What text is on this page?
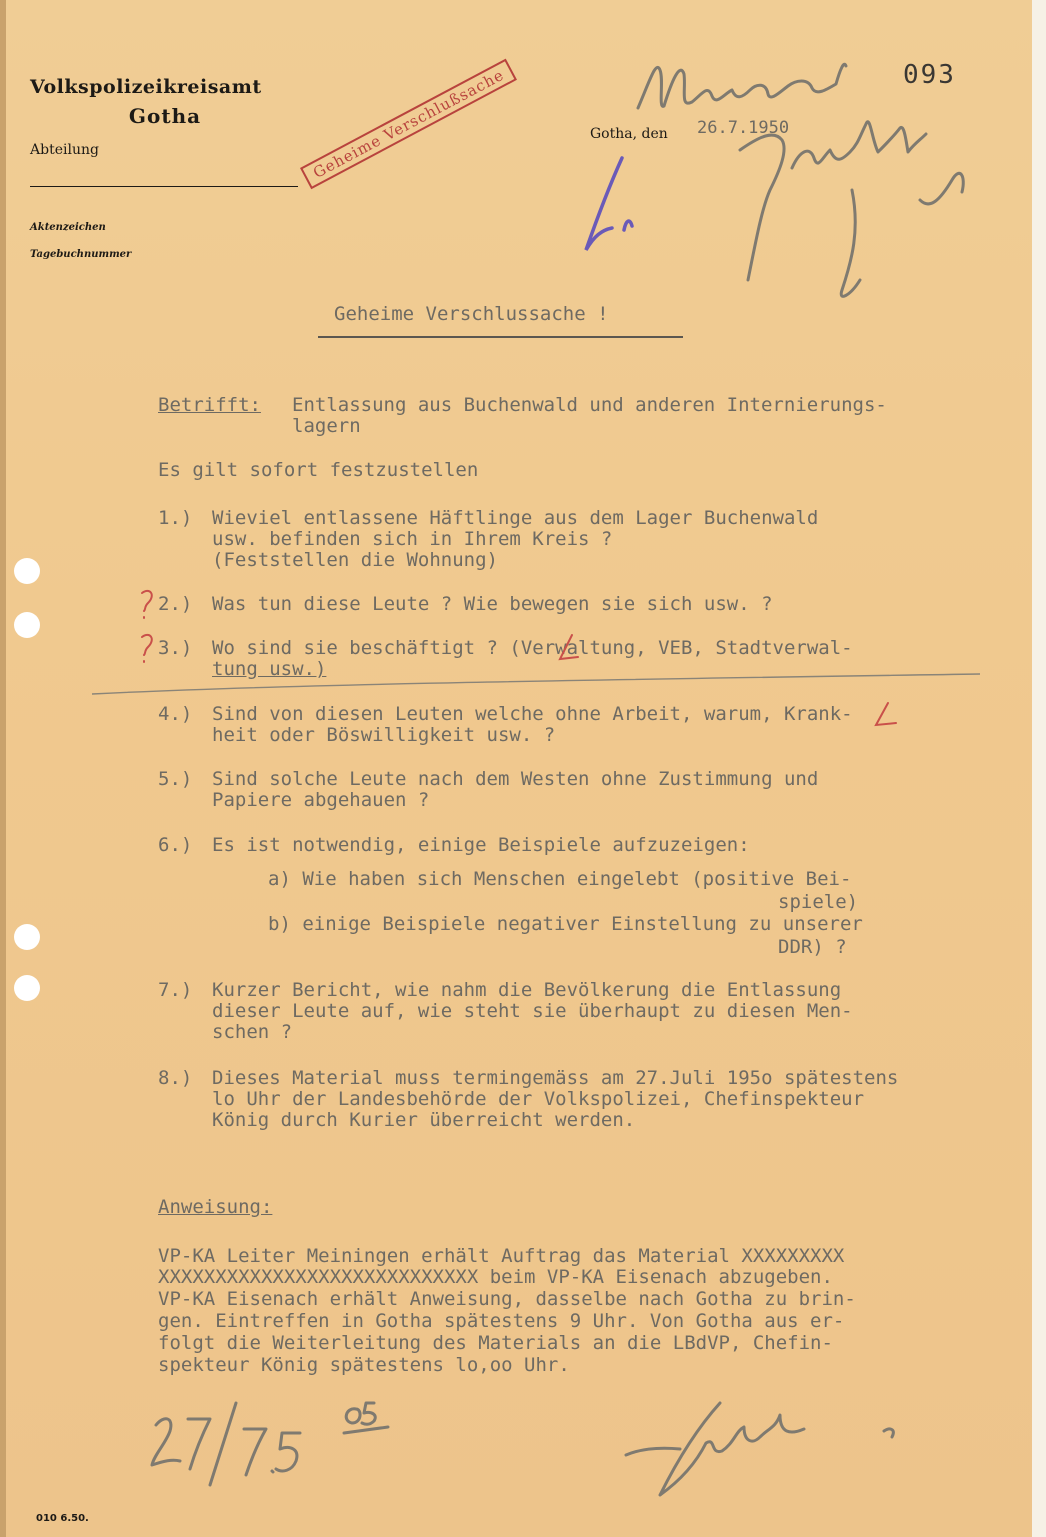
Volkspolizeikreisamt
Gotha
Abteilung
Aktenzeichen
Tagebuchnummer
Geheime Verschlußsache	Gotha, den 26.7.1950
093
Geheime Verschlussache !
Betrifft: Entlassung aus Buchenwald und anderen Internierungs-
lagern
Es gilt sofort festzustellen
1.) Wieviel entlassene Häftlinge aus dem Lager Buchenwald
usw. befinden sich in Ihrem Kreis ?
(Feststellen die Wohnung)
2.) Was tun diese Leute ? Wie bewegen sie sich usw. ?
3.) Wo sind sie beschäftigt ? (Verwaltung, VEB, Stadtverwal-
tung usw.)
4.) Sind von diesen Leuten welche ohne Arbeit, warum, Krank-
heit oder Böswilligkeit usw. ?
5.) Sind solche Leute nach dem Westen ohne Zustimmung und
Papiere abgehauen ?
6.) Es ist notwendig, einige Beispiele aufzuzeigen:
a) Wie haben sich Menschen eingelebt (positive Bei-
spiele)
b) einige Beispiele negativer Einstellung zu unserer
DDR) ?
7.) Kurzer Bericht, wie nahm die Bevölkerung die Entlassung
dieser Leute auf, wie steht sie überhaupt zu diesen Men-
schen ?
8.) Dieses Material muss termingemäss am 27.Juli 195o spätestens
lo Uhr der Landesbehörde der Volkspolizei, Chefinspekteur
König durch Kurier überreicht werden.
Anweisung:
VP-KA Leiter Meiningen erhält Auftrag das Material XXXXXXXXX
XXXXXXXXXXXXXXXXXXXXXXXXXXXX beim VP-KA Eisenach abzugeben.
VP-KA Eisenach erhält Anweisung, dasselbe nach Gotha zu brin-
gen. Eintreffen in Gotha spätestens 9 Uhr. Von Gotha aus er-
folgt die Weiterleitung des Materials an die LBdVP, Chefin-
spekteur König spätestens lo,oo Uhr.
010 6.50.
